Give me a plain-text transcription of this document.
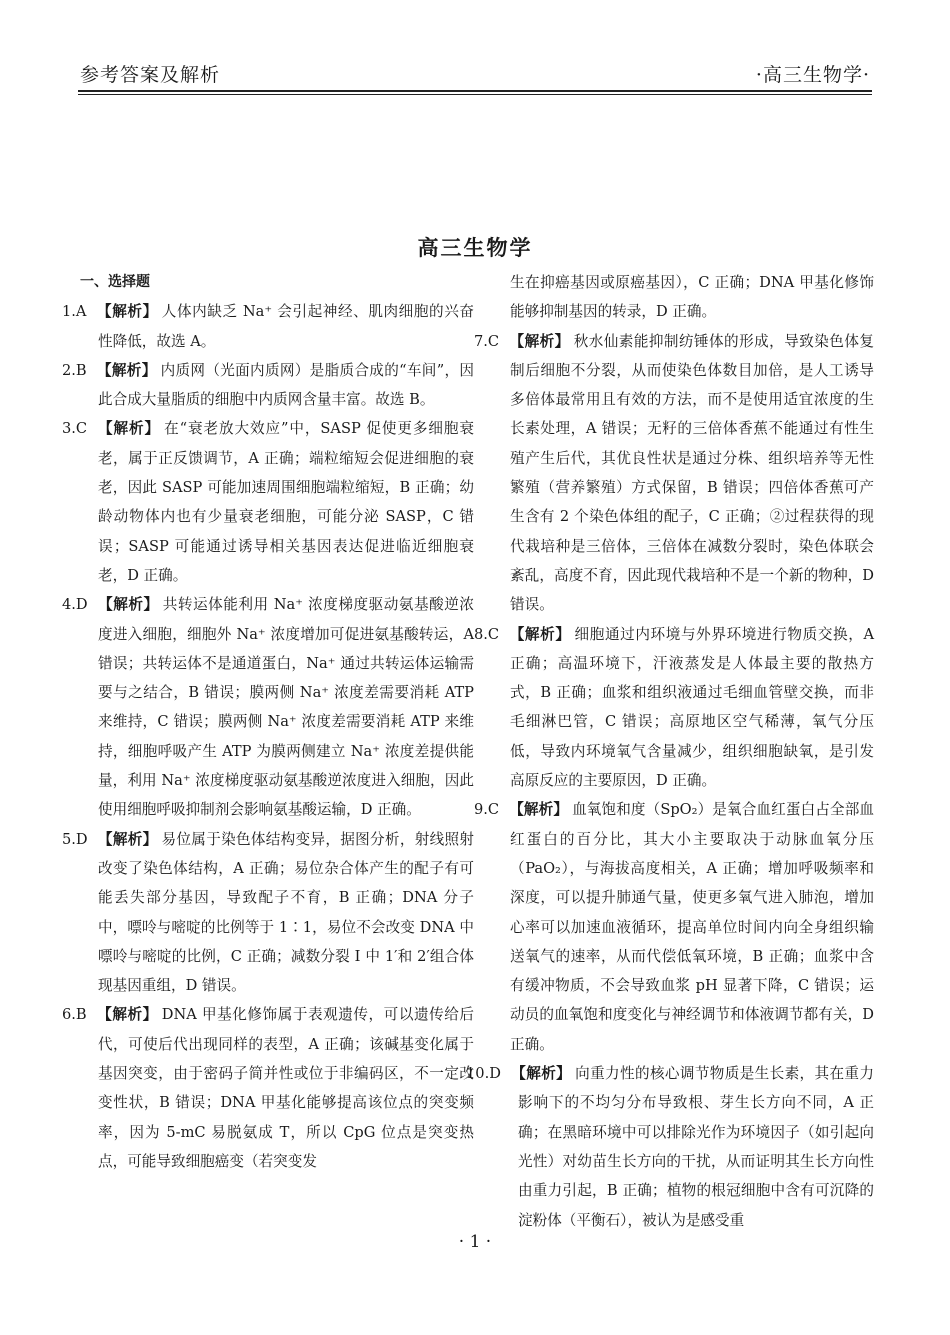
参考答案及解析	·高三生物学·
高三生物学
一、选择题

1.A 【解析】 人体内缺乏 Na⁺ 会引起神经、肌肉细胞的兴奋性降低，故选 A。

2.B 【解析】 内质网（光面内质网）是脂质合成的“车间”，因此合成大量脂质的细胞中内质网含量丰富。故选 B。

3.C 【解析】 在“衰老放大效应”中，SASP 促使更多细胞衰老，属于正反馈调节，A 正确；端粒缩短会促进细胞的衰老，因此 SASP 可能加速周围细胞端粒缩短，B 正确；幼龄动物体内也有少量衰老细胞，可能分泌 SASP，C 错误；SASP 可能通过诱导相关基因表达促进临近细胞衰老，D 正确。

4.D 【解析】 共转运体能利用 Na⁺ 浓度梯度驱动氨基酸逆浓度进入细胞，细胞外 Na⁺ 浓度增加可促进氨基酸转运，A 错误；共转运体不是通道蛋白，Na⁺ 通过共转运体运输需要与之结合，B 错误；膜两侧 Na⁺ 浓度差需要消耗 ATP 来维持，C 错误；膜两侧 Na⁺ 浓度差需要消耗 ATP 来维持，细胞呼吸产生 ATP 为膜两侧建立 Na⁺ 浓度差提供能量，利用 Na⁺ 浓度梯度驱动氨基酸逆浓度进入细胞，因此使用细胞呼吸抑制剂会影响氨基酸运输，D 正确。

5.D 【解析】 易位属于染色体结构变异，据图分析，射线照射改变了染色体结构，A 正确；易位杂合体产生的配子有可能丢失部分基因，导致配子不育，B 正确；DNA 分子中，嘌呤与嘧啶的比例等于 1∶1，易位不会改变 DNA 中嘌呤与嘧啶的比例，C 正确；减数分裂 Ⅰ 中 1′和 2′组合体现基因重组，D 错误。

6.B 【解析】 DNA 甲基化修饰属于表观遗传，可以遗传给后代，可使后代出现同样的表型，A 正确；该碱基变化属于基因突变，由于密码子简并性或位于非编码区，不一定改变性状，B 错误；DNA 甲基化能够提高该位点的突变频率，因为 5-mC 易脱氨成 T，所以 CpG 位点是突变热点，可能导致细胞癌变（若突变发

生在抑癌基因或原癌基因），C 正确；DNA 甲基化修饰能够抑制基因的转录，D 正确。

7.C 【解析】 秋水仙素能抑制纺锤体的形成，导致染色体复制后细胞不分裂，从而使染色体数目加倍，是人工诱导多倍体最常用且有效的方法，而不是使用适宜浓度的生长素处理，A 错误；无籽的三倍体香蕉不能通过有性生殖产生后代，其优良性状是通过分株、组织培养等无性繁殖（营养繁殖）方式保留，B 错误；四倍体香蕉可产生含有 2 个染色体组的配子，C 正确；②过程获得的现代栽培种是三倍体，三倍体在减数分裂时，染色体联会紊乱，高度不育，因此现代栽培种不是一个新的物种，D 错误。

8.C 【解析】 细胞通过内环境与外界环境进行物质交换，A 正确；高温环境下，汗液蒸发是人体最主要的散热方式，B 正确；血浆和组织液通过毛细血管壁交换，而非毛细淋巴管，C 错误；高原地区空气稀薄，氧气分压低，导致内环境氧气含量减少，组织细胞缺氧，是引发高原反应的主要原因，D 正确。

9.C 【解析】 血氧饱和度（SpO₂）是氧合血红蛋白占全部血红蛋白的百分比，其大小主要取决于动脉血氧分压（PaO₂），与海拔高度相关，A 正确；增加呼吸频率和深度，可以提升肺通气量，使更多氧气进入肺泡，增加心率可以加速血液循环，提高单位时间内向全身组织输送氧气的速率，从而代偿低氧环境，B 正确；血浆中含有缓冲物质，不会导致血浆 pH 显著下降，C 错误；运动员的血氧饱和度变化与神经调节和体液调节都有关，D 正确。

10.D 【解析】 向重力性的核心调节物质是生长素，其在重力影响下的不均匀分布导致根、芽生长方向不同，A 正确；在黑暗环境中可以排除光作为环境因子（如引起向光性）对幼苗生长方向的干扰，从而证明其生长方向性由重力引起，B 正确；植物的根冠细胞中含有可沉降的淀粉体（平衡石），被认为是感受重

· 1 ·
